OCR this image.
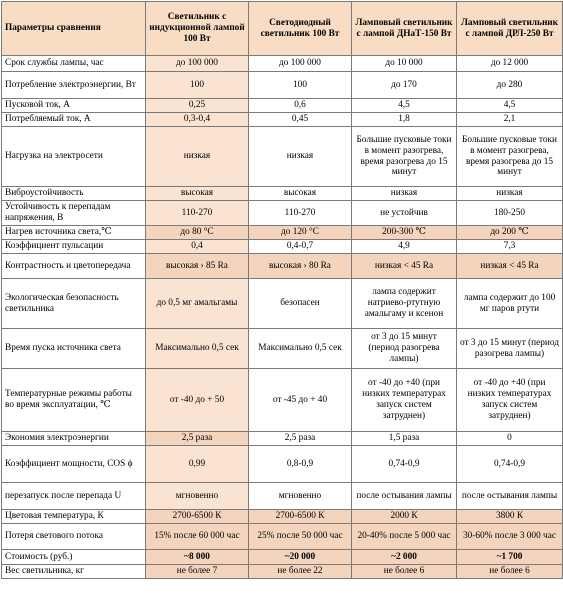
Параметры сравнения	Светильник с индукционной лампой 100 Вт	Светодиодный светильник 100 Вт	Ламповый светильник с лампой ДНаТ-150 Вт	Ламповый светильник с лампой ДРЛ-250 Вт
Срок службы лампы, час	до 100 000	до 100 000	до 10 000	до 12 000
Потребление электроэнергии, Вт	100	100	до 170	до 280
Пусковой ток, А	0,25	0,6	4,5	4,5
Потребляемый ток, А	0,3-0,4	0,45	1,8	2,1
Нагрузка на электросети	низкая	низкая	Большие пусковые токи в момент разогрева, время разогрева до 15 минут	Большие пусковые токи в момент разогрева, время разогрева до 15 минут
Виброустойчивость	высокая	высокая	низкая	низкая
Устойчивость к перепадам напряжения, В	110-270	110-270	не устойчив	180-250
Нагрев источника света,℃	до 80 °C	до 120 °C	200-300 ℃	до 200 ℃
Коэффициент пульсации	0,4	0,4-0,7	4,9	7,3
Контрастность и цветопередача	высокая › 85 Ra	высокая › 80 Ra	низкая < 45 Ra	низкая < 45 Ra
Экологическая безопасность светильника	до 0,5 мг амальгамы	безопасен	лампа содержит натриево-ртутную амальгаму и ксенон	лампа содержит до 100 мг паров ртути
Время пуска источника света	Максимально 0,5 сек	Максимально 0,5 сек	от 3 до 15 минут (период разогрева лампы)	от 3 до 15 минут (период разогрева лампы)
Температурные режимы работы во время эксплуатации, ℃	от -40 до + 50	от -45 до + 40	от -40 до +40 (при низких температурах запуск систем затруднен)	от -40 до +40 (при низких температурах запуск систем затруднен)
Экономия электроэнергии	2,5 раза	2,5 раза	1,5 раза	0
Коэффициент мощности, COS ϕ	0,99	0,8-0,9	0,74-0,9	0,74-0,9
перезапуск после перепада U	мгновенно	мгновенно	после остывания лампы	после остывания лампы
Цветовая температура, К	2700-6500 К	2700-6500 К	2000 К	3800 К
Потеря светового потока	15% после 60 000 час	25% после 50 000 час	20-40% после 5 000 час	30-60% после 3 000 час
Стоимость (руб.)	~8 000	~20 000	~2 000	~1 700
Вес светильника, кг	не более 7	не более 22	не более 6	не более 6
